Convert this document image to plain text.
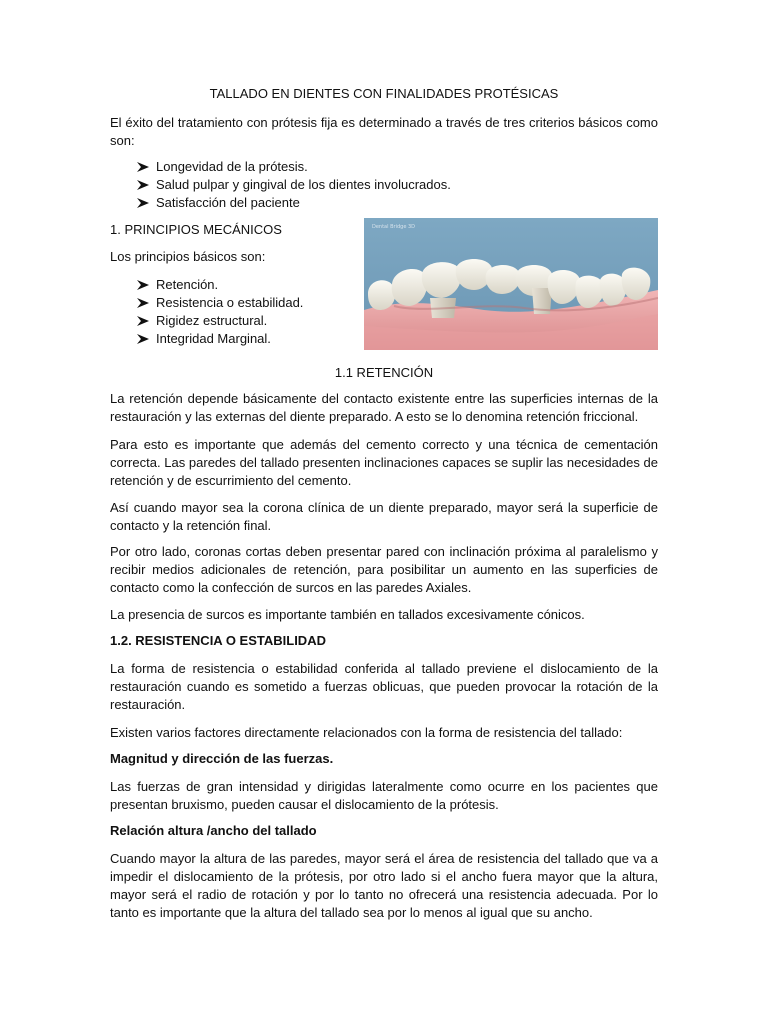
TALLADO EN DIENTES CON FINALIDADES PROTÉSICAS

El éxito del tratamiento con prótesis fija es determinado a través de tres criterios básicos como son:

Longevidad de la prótesis.
Salud pulpar y gingival de los dientes involucrados.
Satisfacción del paciente

1. PRINCIPIOS MECÁNICOS

Los principios básicos son:

Retención.
Resistencia o estabilidad.
Rigidez estructural.
Integridad Marginal.
Dental Bridge 3D

1.1 RETENCIÓN

La retención depende básicamente del contacto existente entre las superficies internas de la restauración y las externas del diente preparado. A esto se lo denomina retención friccional.

Para esto es importante que además del cemento correcto y una técnica de cementación correcta. Las paredes del tallado presenten inclinaciones capaces se suplir las necesidades de retención y de escurrimiento del cemento.

Así cuando mayor sea la corona clínica de un diente preparado, mayor será la superficie de contacto y la retención final.

Por otro lado, coronas cortas deben presentar pared con inclinación próxima al paralelismo y recibir medios adicionales de retención, para posibilitar un aumento en las superficies de contacto como la confección de surcos en las paredes Axiales.

La presencia de surcos es importante también en tallados excesivamente cónicos.

1.2. RESISTENCIA O ESTABILIDAD

La forma de resistencia o estabilidad conferida al tallado previene el dislocamiento de la restauración cuando es sometido a fuerzas oblicuas, que pueden provocar la rotación de la restauración.

Existen varios factores directamente relacionados con la forma de resistencia del tallado:

Magnitud y dirección de las fuerzas.

Las fuerzas de gran intensidad y dirigidas lateralmente como ocurre en los pacientes que presentan bruxismo, pueden causar el dislocamiento de la prótesis.

Relación altura /ancho del tallado

Cuando mayor la altura de las paredes, mayor será el área de resistencia del tallado que va a impedir el dislocamiento de la prótesis, por otro lado si el ancho fuera mayor que la altura, mayor será el radio de rotación y por lo tanto no ofrecerá una resistencia adecuada. Por lo tanto es importante que la altura del tallado sea por lo menos al igual que su ancho.
